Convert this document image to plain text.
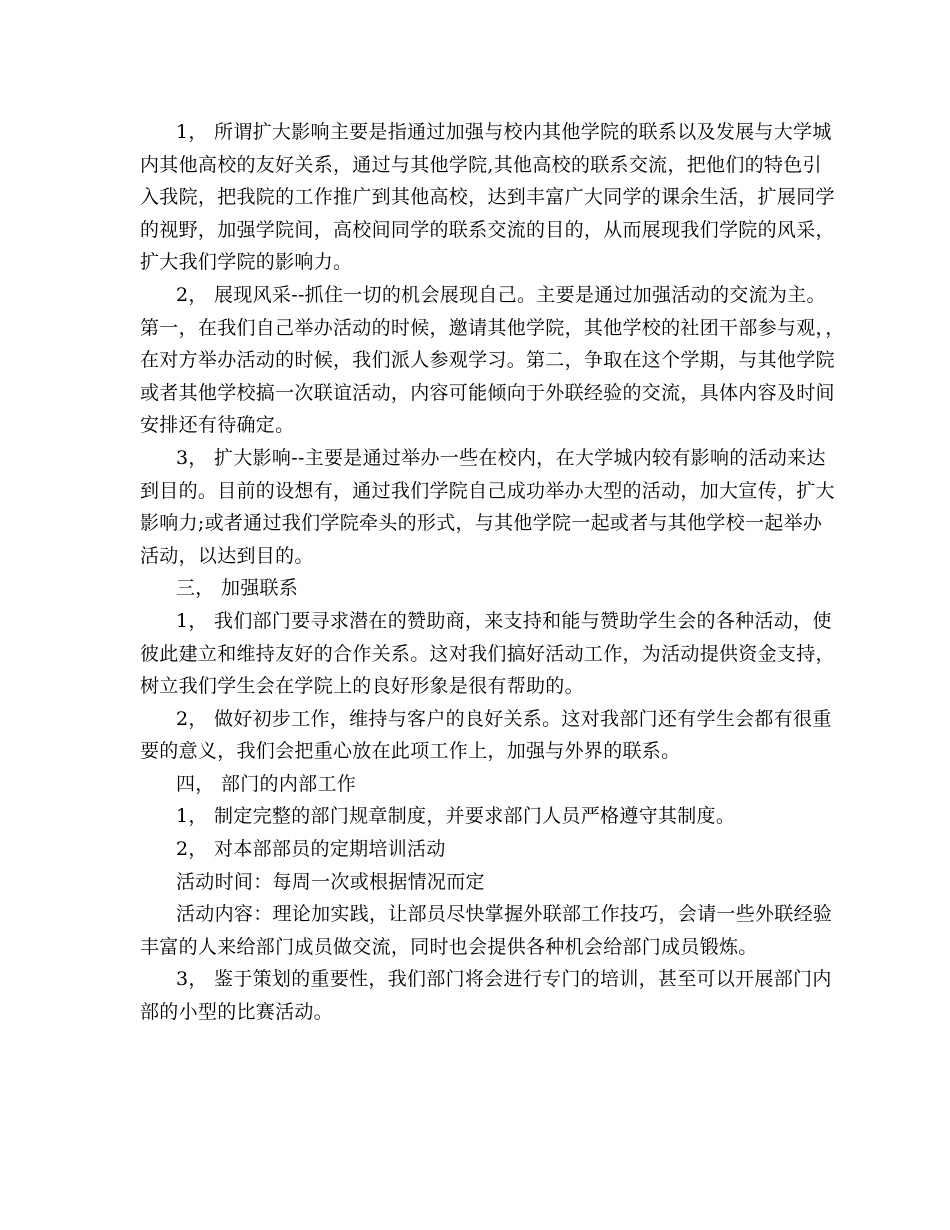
1， 所谓扩大影响主要是指通过加强与校内其他学院的联系以及发展与大学城
内其他高校的友好关系，通过与其他学院,其他高校的联系交流，把他们的特色引
入我院，把我院的工作推广到其他高校，达到丰富广大同学的课余生活，扩展同学
的视野，加强学院间，高校间同学的联系交流的目的，从而展现我们学院的风采，
扩大我们学院的影响力。
2， 展现风采--抓住一切的机会展现自己。主要是通过加强活动的交流为主。
第一，在我们自己举办活动的时候，邀请其他学院，其他学校的社团干部参与观，，
在对方举办活动的时候，我们派人参观学习。第二，争取在这个学期，与其他学院
或者其他学校搞一次联谊活动，内容可能倾向于外联经验的交流，具体内容及时间
安排还有待确定。
3， 扩大影响--主要是通过举办一些在校内，在大学城内较有影响的活动来达
到目的。目前的设想有，通过我们学院自己成功举办大型的活动，加大宣传，扩大
影响力;或者通过我们学院牵头的形式，与其他学院一起或者与其他学校一起举办
活动，以达到目的。
三， 加强联系
1， 我们部门要寻求潜在的赞助商，来支持和能与赞助学生会的各种活动，使
彼此建立和维持友好的合作关系。这对我们搞好活动工作，为活动提供资金支持，
树立我们学生会在学院上的良好形象是很有帮助的。
2， 做好初步工作，维持与客户的良好关系。这对我部门还有学生会都有很重
要的意义，我们会把重心放在此项工作上，加强与外界的联系。
四， 部门的内部工作
1， 制定完整的部门规章制度，并要求部门人员严格遵守其制度。
2， 对本部部员的定期培训活动
活动时间：每周一次或根据情况而定
活动内容：理论加实践，让部员尽快掌握外联部工作技巧，会请一些外联经验
丰富的人来给部门成员做交流，同时也会提供各种机会给部门成员锻炼。
3， 鉴于策划的重要性，我们部门将会进行专门的培训，甚至可以开展部门内
部的小型的比赛活动。
